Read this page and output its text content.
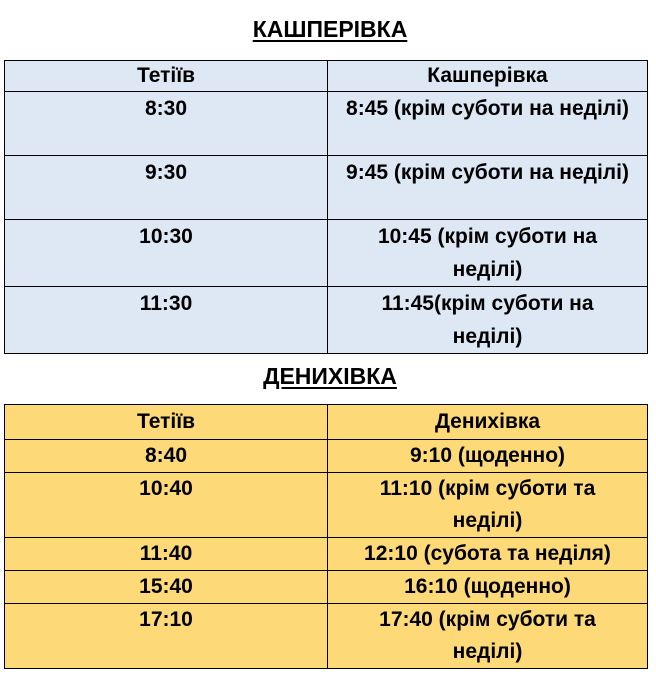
КАШПЕРІВКА
Тетіїв	Кашперівка
8:30	8:45 (крім суботи на неділі)

9:30	9:45 (крім суботи на неділі)

10:30	10:45 (крім суботи на неділі)

11:30	11:45(крім суботи на неділі)
ДЕНИХІВКА
Тетіїв	Денихівка
8:40	9:10 (щоденно)
10:40	11:10 (крім суботи та неділі)

11:40	12:10 (субота та неділя)
15:40	16:10 (щоденно)
17:10	17:40 (крім суботи та неділі)
